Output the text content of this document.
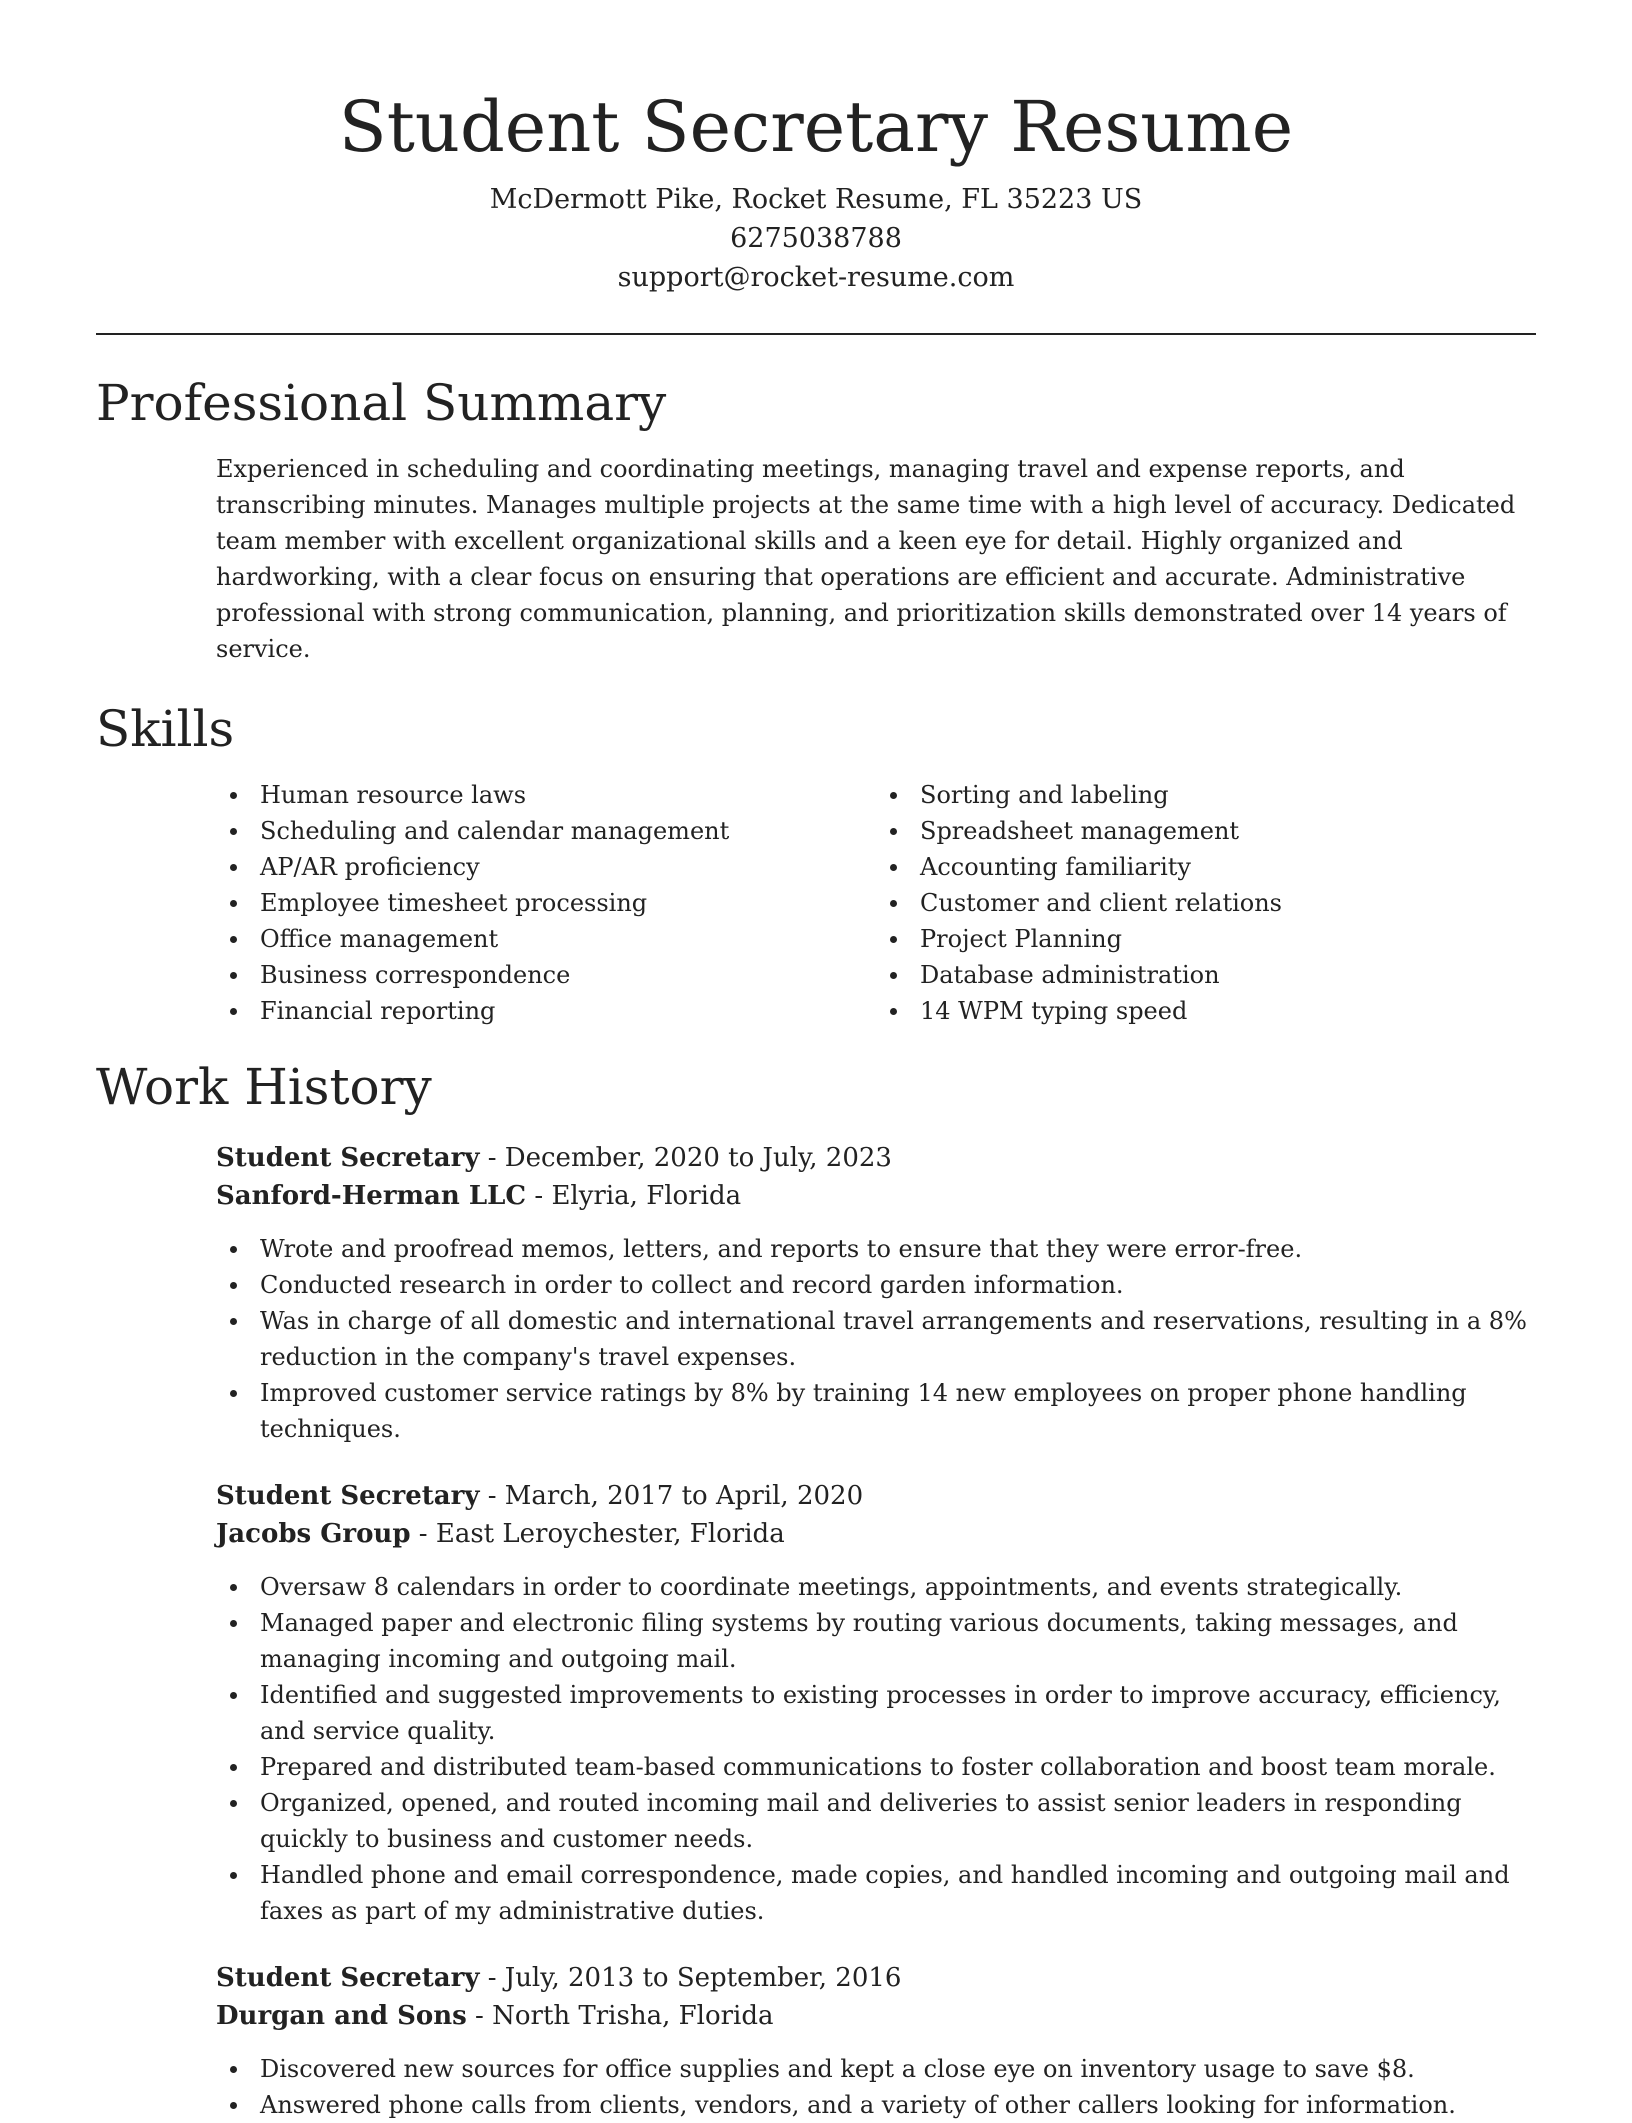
Student Secretary Resume
McDermott Pike, Rocket Resume, FL 35223 US
6275038788
support@rocket-resume.com
Professional Summary
Experienced in scheduling and coordinating meetings, managing travel and expense reports, and transcribing minutes. Manages multiple projects at the same time with a high level of accuracy. Dedicated team member with excellent organizational skills and a keen eye for detail. Highly organized and hardworking, with a clear focus on ensuring that operations are efficient and accurate. Administrative professional with strong communication, planning, and prioritization skills demonstrated over 14 years of service.
Skills
Human resource laws
Scheduling and calendar management
AP/AR proficiency
Employee timesheet processing
Office management
Business correspondence
Financial reporting
Sorting and labeling
Spreadsheet management
Accounting familiarity
Customer and client relations
Project Planning
Database administration
14 WPM typing speed
Work History
Student Secretary - December, 2020 to July, 2023
Sanford-Herman LLC - Elyria, Florida
Wrote and proofread memos, letters, and reports to ensure that they were error-free.
Conducted research in order to collect and record garden information.
Was in charge of all domestic and international travel arrangements and reservations, resulting in a 8% reduction in the company's travel expenses.
Improved customer service ratings by 8% by training 14 new employees on proper phone handling techniques.
Student Secretary - March, 2017 to April, 2020
Jacobs Group - East Leroychester, Florida
Oversaw 8 calendars in order to coordinate meetings, appointments, and events strategically.
Managed paper and electronic filing systems by routing various documents, taking messages, and managing incoming and outgoing mail.
Identified and suggested improvements to existing processes in order to improve accuracy, efficiency, and service quality.
Prepared and distributed team-based communications to foster collaboration and boost team morale.
Organized, opened, and routed incoming mail and deliveries to assist senior leaders in responding quickly to business and customer needs.
Handled phone and email correspondence, made copies, and handled incoming and outgoing mail and faxes as part of my administrative duties.
Student Secretary - July, 2013 to September, 2016
Durgan and Sons - North Trisha, Florida
Discovered new sources for office supplies and kept a close eye on inventory usage to save $8.
Answered phone calls from clients, vendors, and a variety of other callers looking for information.
